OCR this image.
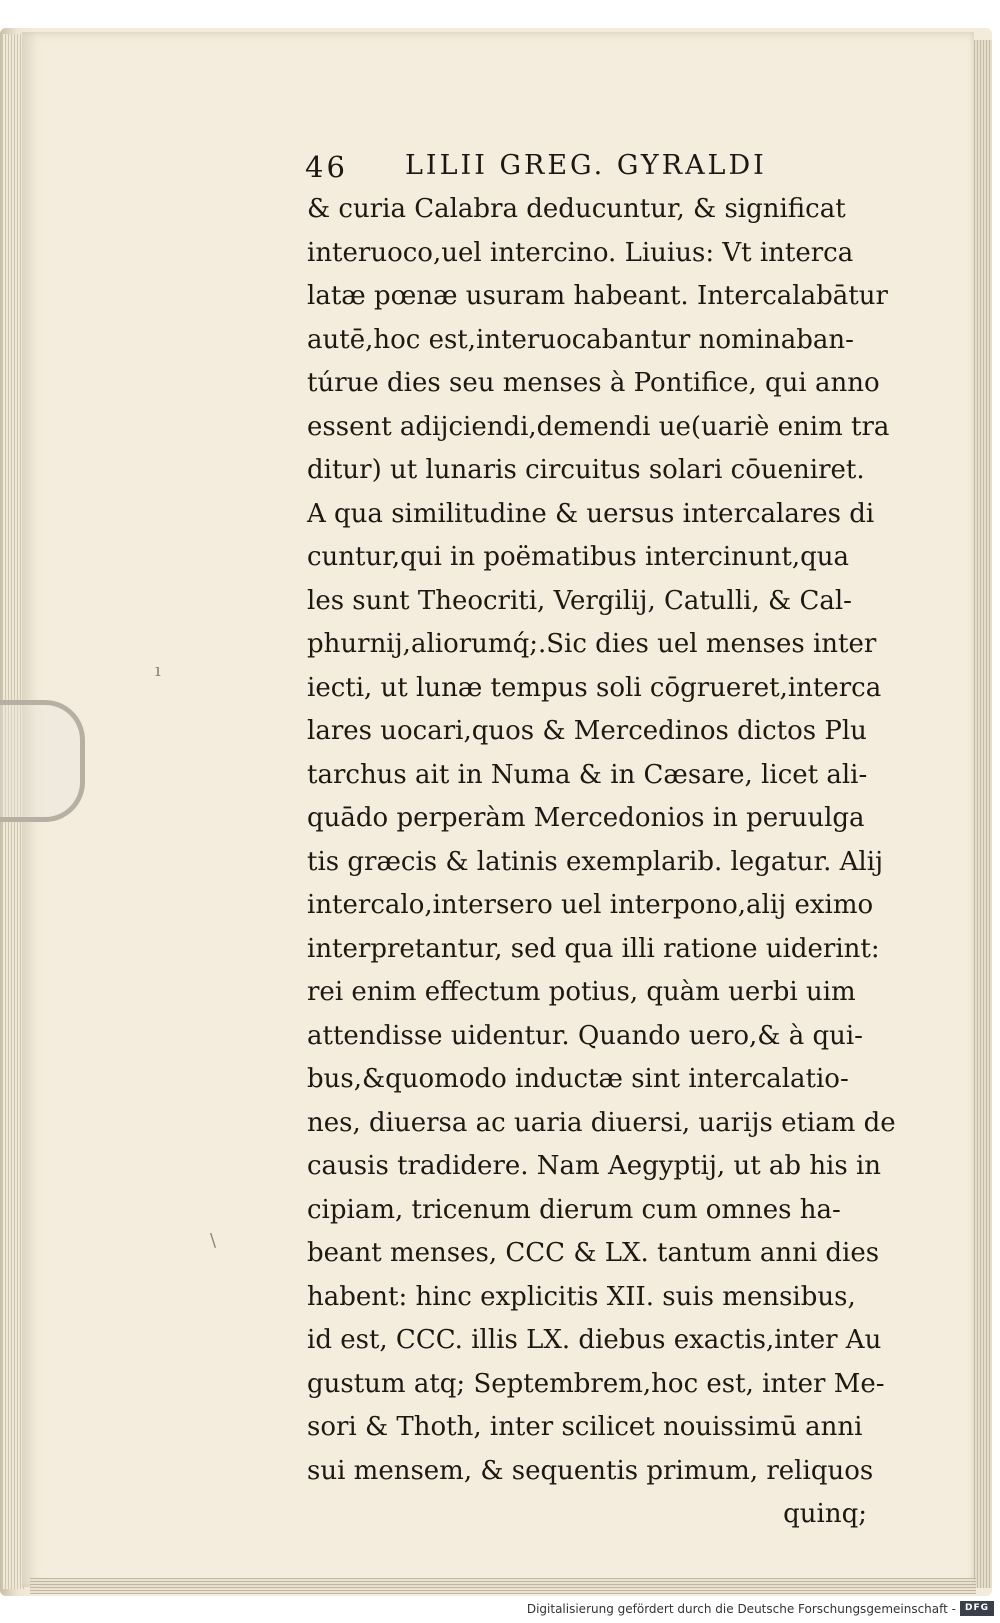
ı
\
46 LILII GREG. GYRALDI
& curia Calabra deducuntur, & significat
interuoco,uel intercino. Liuius: Vt interca
latæ pœnæ usuram habeant. Intercalabātur
autē,hoc est,interuocabantur nominaban-
túrue dies seu menses à Pontifice, qui anno
essent adijciendi,demendi ue(uariè enim tra
ditur) ut lunaris circuitus solari cōueniret.
A qua similitudine & uersus intercalares di
cuntur,qui in poëmatibus intercinunt,qua
les sunt Theocriti, Vergilij, Catulli, & Cal-
phurnij,aliorumq́;.Sic dies uel menses inter
iecti, ut lunæ tempus soli cōgrueret,interca
lares uocari,quos & Mercedinos dictos Plu
tarchus ait in Numa & in Cæsare, licet ali-
quādo perperàm Mercedonios in peruulga
tis græcis & latinis exemplarib. legatur. Alij
intercalo,intersero uel interpono,alij eximo
interpretantur, sed qua illi ratione uiderint:
rei enim effectum potius, quàm uerbi uim
attendisse uidentur. Quando uero,& à qui-
bus,&quomodo inductæ sint intercalatio-
nes, diuersa ac uaria diuersi, uarijs etiam de
causis tradidere. Nam Aegyptij, ut ab his in
cipiam, tricenum dierum cum omnes ha-
beant menses, CCC & LX. tantum anni dies
habent: hinc explicitis XII. suis mensibus,
id est, CCC. illis LX. diebus exactis,inter Au
gustum atq; Septembrem,hoc est, inter Me-
sori & Thoth, inter scilicet nouissimū anni
sui mensem, & sequentis primum, reliquos
quinq;
Digitalisierung gefördert durch die Deutsche Forschungsgemeinschaft - DFG
